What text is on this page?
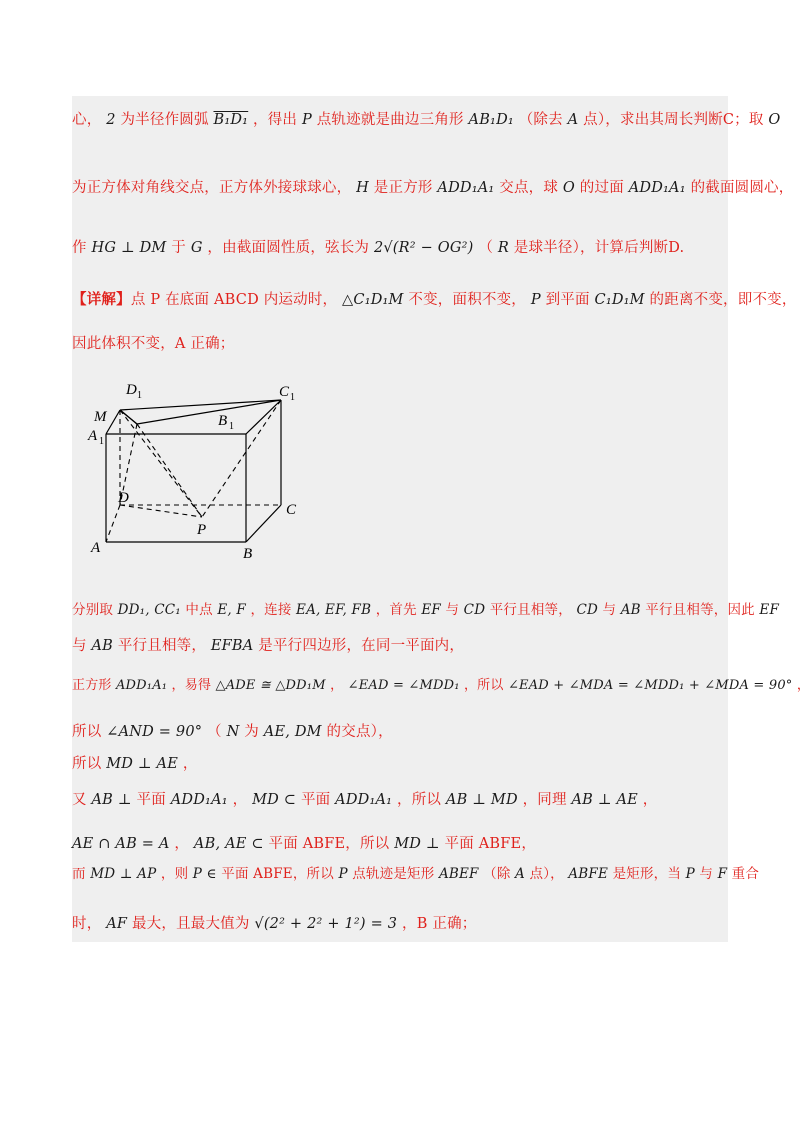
心， 2 为半径作圆弧 B₁D₁ ，得出 P 点轨迹就是曲边三角形 AB₁D₁ （除去 A 点），求出其周长判断C；取 O
为正方体对角线交点，正方体外接球球心， H 是正方形 ADD₁A₁ 交点，球 O 的过面 ADD₁A₁ 的截面圆圆心，
作 HG ⊥ DM 于 G ，由截面圆性质，弦长为 2√(R² − OG²) （ R 是球半径），计算后判断D.
【详解】点 P 在底面 ABCD 内运动时， △C₁D₁M 不变，面积不变， P 到平面 C₁D₁M 的距离不变，即不变，
因此体积不变，A 正确；
D 1	C 1
M	B 1
A 1
D
C
P
A	B
分别取 DD₁, CC₁ 中点 E, F ，连接 EA, EF, FB ，首先 EF 与 CD 平行且相等， CD 与 AB 平行且相等，因此 EF
与 AB 平行且相等， EFBA 是平行四边形，在同一平面内，
正方形 ADD₁A₁ ，易得 △ADE ≅ △DD₁M ， ∠EAD = ∠MDD₁ ，所以 ∠EAD + ∠MDA = ∠MDD₁ + ∠MDA = 90° ，
所以 ∠AND = 90° （ N 为 AE, DM 的交点），
所以 MD ⊥ AE ，
又 AB ⊥ 平面 ADD₁A₁ ， MD ⊂ 平面 ADD₁A₁ ，所以 AB ⊥ MD ，同理 AB ⊥ AE ，
AE ∩ AB = A ， AB, AE ⊂ 平面 ABFE，所以 MD ⊥ 平面 ABFE，
而 MD ⊥ AP ，则 P ∈ 平面 ABFE，所以 P 点轨迹是矩形 ABEF （除 A 点）， ABFE 是矩形，当 P 与 F 重合
时， AF 最大，且最大值为 √(2² + 2² + 1²) = 3 ，B 正确；
